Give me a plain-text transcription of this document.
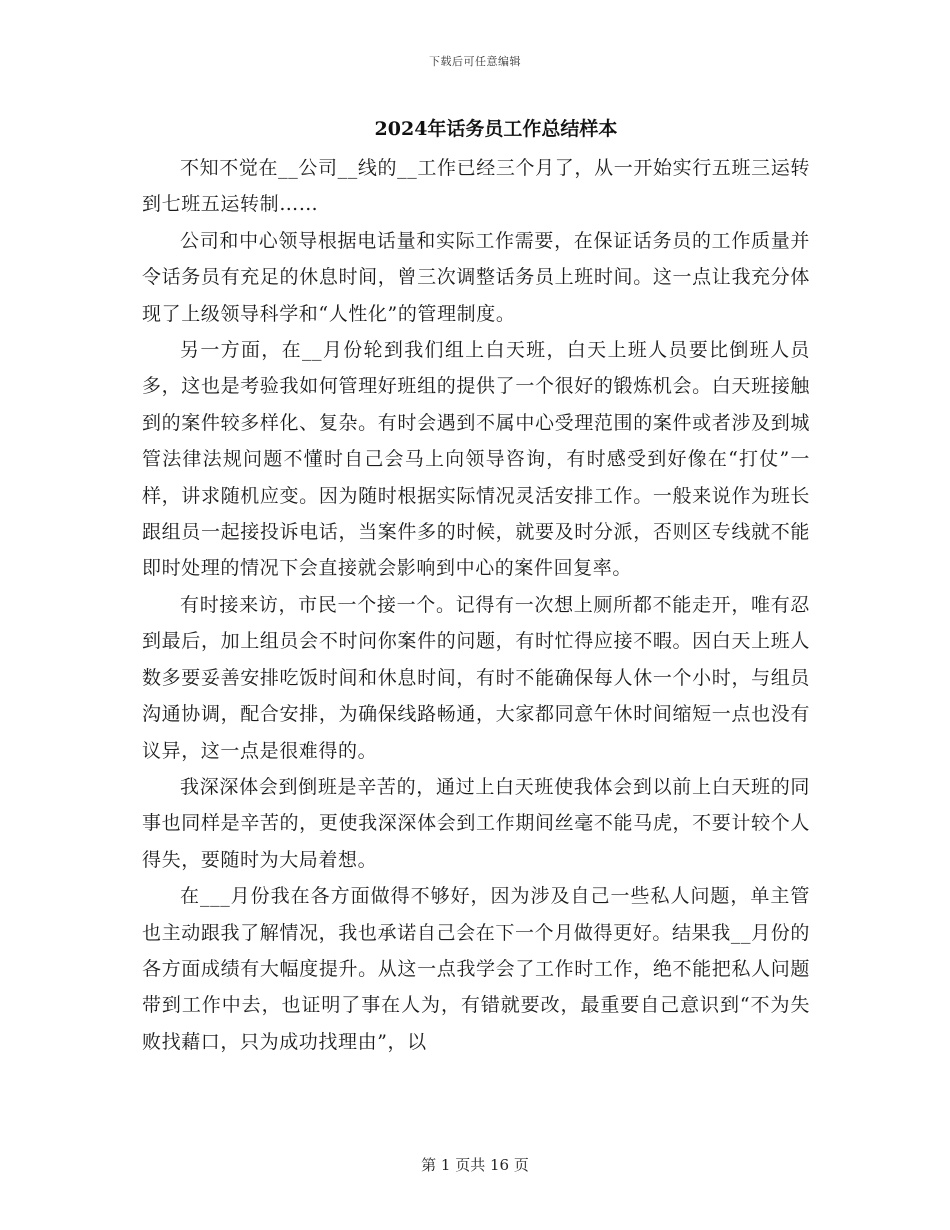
下载后可任意编辑
2024年话务员工作总结样本

不知不觉在__公司__线的__工作已经三个月了，从一开始实行五班三运转到七班五运转制……

公司和中心领导根据电话量和实际工作需要，在保证话务员的工作质量并令话务员有充足的休息时间，曾三次调整话务员上班时间。这一点让我充分体现了上级领导科学和“人性化”的管理制度。

另一方面，在__月份轮到我们组上白天班，白天上班人员要比倒班人员多，这也是考验我如何管理好班组的提供了一个很好的锻炼机会。白天班接触到的案件较多样化、复杂。有时会遇到不属中心受理范围的案件或者涉及到城管法律法规问题不懂时自己会马上向领导咨询，有时感受到好像在“打仗”一样，讲求随机应变。因为随时根据实际情况灵活安排工作。一般来说作为班长跟组员一起接投诉电话，当案件多的时候，就要及时分派，否则区专线就不能即时处理的情况下会直接就会影响到中心的案件回复率。

有时接来访，市民一个接一个。记得有一次想上厕所都不能走开，唯有忍到最后，加上组员会不时问你案件的问题，有时忙得应接不暇。因白天上班人数多要妥善安排吃饭时间和休息时间，有时不能确保每人休一个小时，与组员沟通协调，配合安排，为确保线路畅通，大家都同意午休时间缩短一点也没有议异，这一点是很难得的。

我深深体会到倒班是辛苦的，通过上白天班使我体会到以前上白天班的同事也同样是辛苦的，更使我深深体会到工作期间丝毫不能马虎，不要计较个人得失，要随时为大局着想。

在___月份我在各方面做得不够好，因为涉及自己一些私人问题，单主管也主动跟我了解情况，我也承诺自己会在下一个月做得更好。结果我__月份的各方面成绩有大幅度提升。从这一点我学会了工作时工作，绝不能把私人问题带到工作中去，也证明了事在人为，有错就要改，最重要自己意识到“不为失败找藉口，只为成功找理由”，以

第 1 页共 16 页
